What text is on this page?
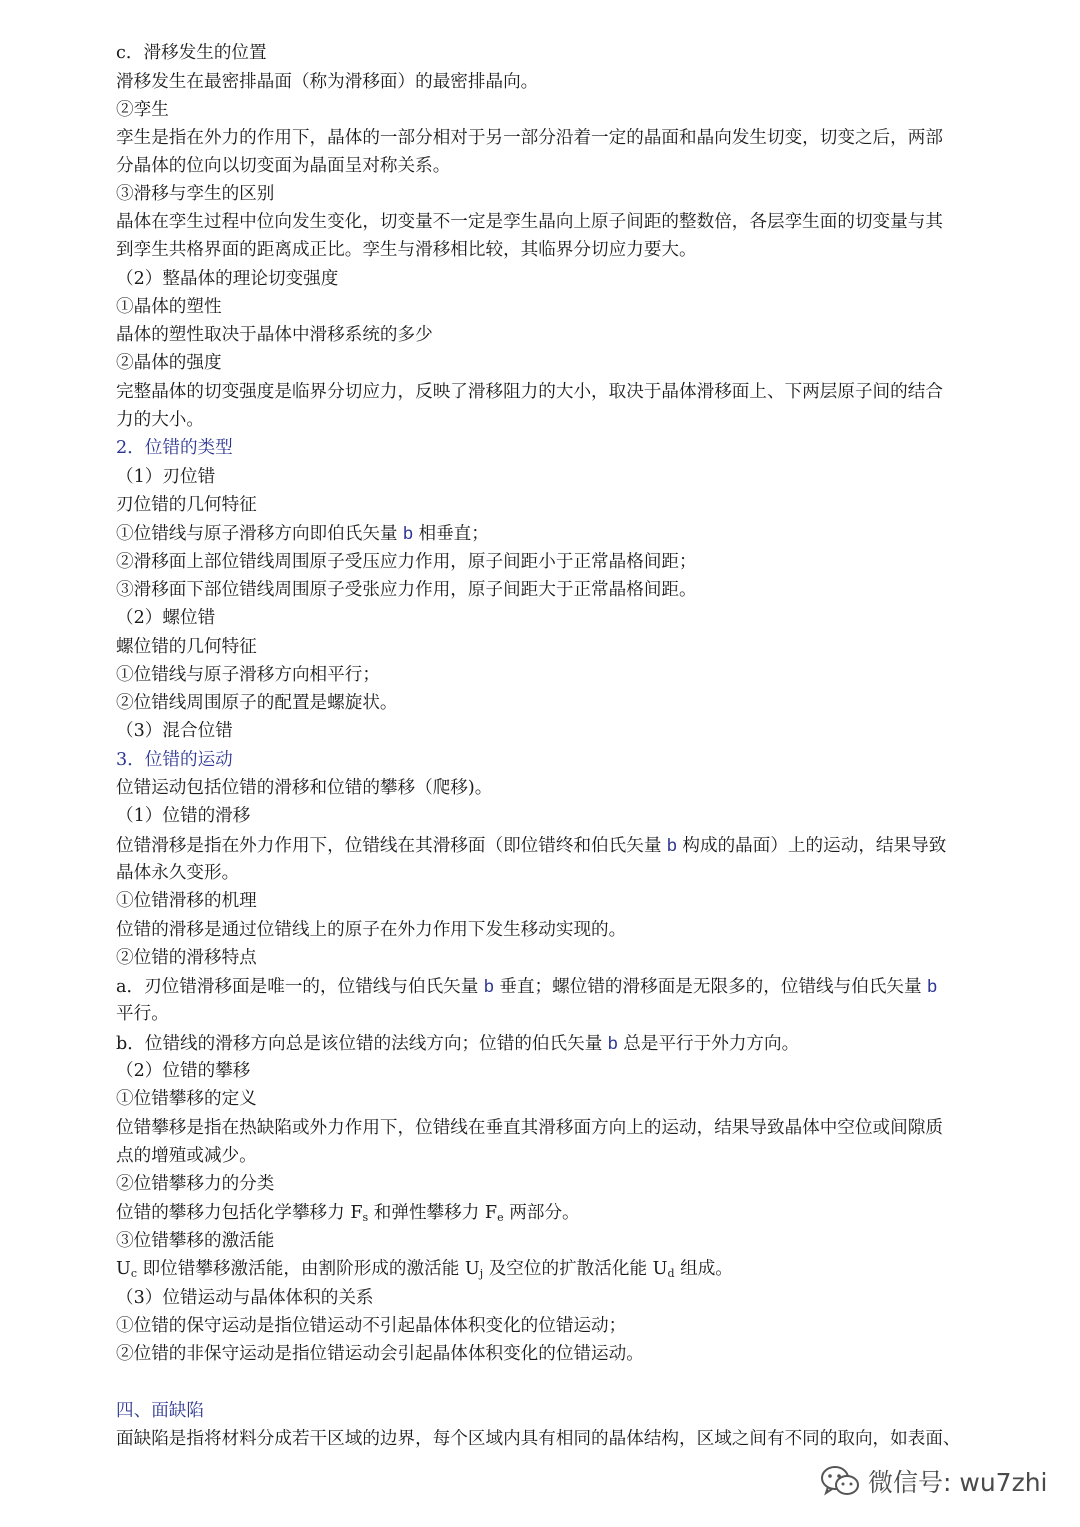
c．滑移发生的位置
滑移发生在最密排晶面（称为滑移面）的最密排晶向。
②孪生
孪生是指在外力的作用下，晶体的一部分相对于另一部分沿着一定的晶面和晶向发生切变，切变之后，两部
分晶体的位向以切变面为晶面呈对称关系。
③滑移与孪生的区别
晶体在孪生过程中位向发生变化，切变量不一定是孪生晶向上原子间距的整数倍，各层孪生面的切变量与其
到孪生共格界面的距离成正比。孪生与滑移相比较，其临界分切应力要大。
（2）整晶体的理论切变强度
①晶体的塑性
晶体的塑性取决于晶体中滑移系统的多少
②晶体的强度
完整晶体的切变强度是临界分切应力，反映了滑移阻力的大小，取决于晶体滑移面上、下两层原子间的结合
力的大小。
2．位错的类型
（1）刃位错
刃位错的几何特征
①位错线与原子滑移方向即伯氏矢量 b 相垂直；
②滑移面上部位错线周围原子受压应力作用，原子间距小于正常晶格间距；
③滑移面下部位错线周围原子受张应力作用，原子间距大于正常晶格间距。
（2）螺位错
螺位错的几何特征
①位错线与原子滑移方向相平行；
②位错线周围原子的配置是螺旋状。
（3）混合位错
3．位错的运动
位错运动包括位错的滑移和位错的攀移（爬移)。
（1）位错的滑移
位错滑移是指在外力作用下，位错线在其滑移面（即位错终和伯氏矢量 b 构成的晶面）上的运动，结果导致
晶体永久变形。
①位错滑移的机理
位错的滑移是通过位错线上的原子在外力作用下发生移动实现的。
②位错的滑移特点
a．刃位错滑移面是唯一的，位错线与伯氏矢量 b 垂直；螺位错的滑移面是无限多的，位错线与伯氏矢量 b
平行。
b．位错线的滑移方向总是该位错的法线方向；位错的伯氏矢量 b 总是平行于外力方向。
（2）位错的攀移
①位错攀移的定义
位错攀移是指在热缺陷或外力作用下，位错线在垂直其滑移面方向上的运动，结果导致晶体中空位或间隙质
点的增殖或减少。
②位错攀移力的分类
位错的攀移力包括化学攀移力 Fs 和弹性攀移力 Fe 两部分。
③位错攀移的激活能
Uc 即位错攀移激活能，由割阶形成的激活能 Uj 及空位的扩散活化能 Ud 组成。
（3）位错运动与晶体体积的关系
①位错的保守运动是指位错运动不引起晶体体积变化的位错运动；
②位错的非保守运动是指位错运动会引起晶体体积变化的位错运动。
四、面缺陷
面缺陷是指将材料分成若干区域的边界，每个区域内具有相同的晶体结构，区域之间有不同的取向，如表面、
微信号: wu7zhi
